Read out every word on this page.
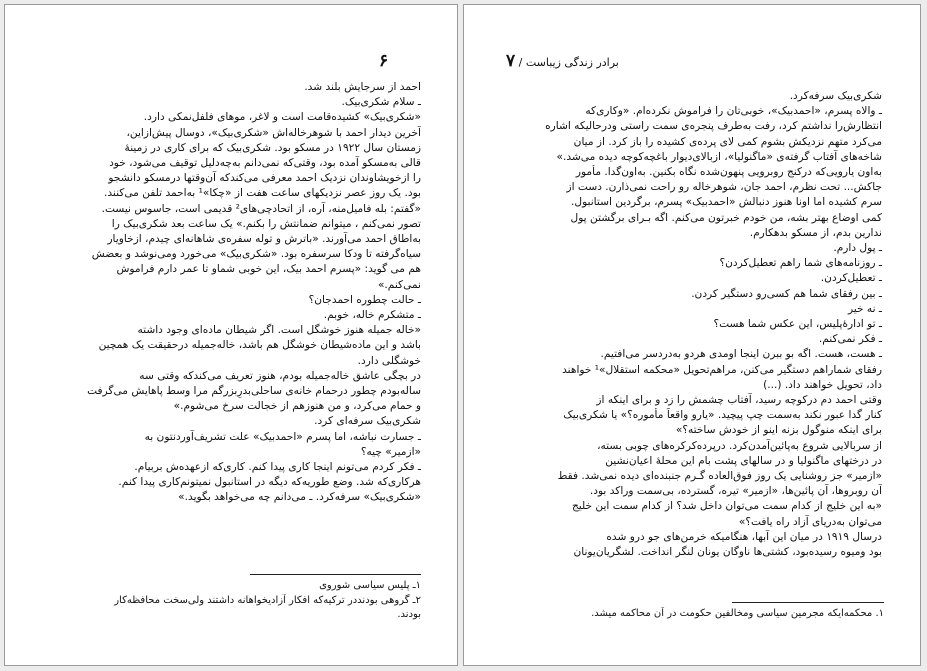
۶
احمد از سرجایش بلند شد.
ـ سلام شکری‌بیک.
«شکری‌بیک» کشیده‌قامت است و لاغر، موهای فلفل‌نمکی دارد.
آخرین دیدار احمد با شوهرخاله‌اش «شکری‌بیک»، دوسال پیش‌ازاین،
زمستان سال ۱۹۲۲ در مسکو بود. شکری‌بیک که برای کاری در زمینهٔ
قالی به‌مسکو آمده بود، وقتی‌که نمی‌دانم به‌چه‌دلیل توقیف می‌شود، خود
را ازخویشاوندان نزدیک احمد معرفی می‌کندکه آن‌وقتها درمسکو دانشجو
بود. یک روز عصر نزدیکهای ساعت هفت از «چکا»¹ به‌احمد تلفن می‌کنند.
«گفتم: بله فامیل‌منه، آره، از اتحادچی‌های² قدیمی است، جاسوس نیست.
تصور نمی‌کنم ، میتوانم ضمانتش را بکنم.» یک ساعت بعد شکری‌بیک را
به‌اطاق احمد می‌آورند. «باترش و توله سفره‌ی شاهانه‌ای چیدم، ازخاویار
سیاه‌گرفته تا ودکا سرسفره بود. «شکری‌بیک» می‌خورد ومی‌نوشد و بعضش
هم می گوید: «پسرم احمد بیک، این خوبی شماو تا عمر دارم فراموش
نمی‌کنم.»
ـ حالت چطوره احمدجان؟
ـ متشکرم خاله، خوبم.
«خاله جمیله هنوز خوشگل است. اگر شیطان ماده‌ای وجود داشته
باشد و این ماده‌شیطان خوشگل هم باشد، خاله‌جمیله درحقیقت یک همچین
خوشگلی دارد.
در بچگی عاشق خاله‌جمیله بودم، هنوز تعریف می‌کندکه وقتی سه
ساله‌بودم چطور درحمام خانه‌ی ساحلی‌بدرِبزرگم مرا وسط پاهایش می‌گرفت
و حمام می‌کرد، و من هنوزهم از خجالت سرخ می‌شوم.»
شکری‌بیک سرفه‌ای کرد.
ـ جسارت نباشه، اما پسرم «احمدبیک» علت تشریف‌آوردنتون به
«ازمیر» چیه؟
ـ فکر کردم می‌تونم اینجا کاری پیدا کنم. کاری‌که ازعهده‌ش بربیام.
هرکاری‌که شد. وضع طوریه‌که دیگه در استانبول نمیتونم‌کاری پیدا کنم.
«شکری‌بیک» سرفه‌کرد. ـ می‌دانم چه می‌خواهد بگوید.»
۱ـ پلیس سیاسی شوروی
۲ـ گروهی بودنددر ترکیه‌که افکار آزادیخواهانه داشتند ولی‌سخت محافظه‌کار
بودند.
برادر زندگی زیباست / ۷
شکری‌بیک سرفه‌کرد.
ـ والاه پسرم، «احمدبیک»، خوبی‌تان را فراموش نکرده‌ام. «وکاری‌که
انتظارش‌را نداشتم کرد، رفت به‌طرف پنجره‌ی سمت راستی ودرحالیکه اشاره
می‌کرد متهم نزدیکش بشوم کمی لای پرده‌ی کشیده را باز کرد. از میان
شاخه‌های آفتاب گرفته‌ی «ماگنولیا»، ازبالای‌دیوار باغچه‌کوچه دیده می‌شد.»
به‌اون یارویی‌که درکنج روبرویی پنهون‌شده نگاه بکنین. به‌اون‌گدا. مأمور
جاکش... تحت نظرم، احمد جان، شوهرخاله رو راحت نمی‌ذارن. دست از
سرم کشیده اما اونا هنوز دنبالش «احمدبیک» پسرم، برگردین استانبول.
کمی اوضاع بهتر بشه، من خودم خبرتون می‌کنم. اگه بـرای برگشتن پول
ندارین بدم، از مسکو بدهکارم.
ـ پول دارم.
ـ روزنامه‌های شما راهم تعطیل‌کردن؟
ـ تعطیل‌کردن.
ـ بین رفقای شما هم کسی‌رو دستگیر کردن.
ـ نه خیر
ـ تو ادارهٔ‌پلیس، این عکس شما هست؟
ـ فکر نمی‌کنم.
ـ هست، هست. اگه بو ببرن اینجا اومدی هردو به‌دردسر می‌افتیم.
رفقای شماراهم دستگیر می‌کنن، مراهم‌تحویل «محکمه استقلال»¹ خواهند
داد، تحویل خواهند داد. (...)
وقتی احمد دم درکوچه رسید، آفتاب چشمش را زد و برای اینکه از
کنار گدا عبور نکند به‌سمت چپ پیچید. «یارو واقعاً مأموره؟» یا شکری‌بیک
برای اینکه منوگول بزنه اینو از خودش ساخته؟»
از سربالایی شروع به‌پائین‌آمدن‌کرد. درپرده‌کرکره‌های چوبی بسته،
در درختهای ماگنولیا و در سالهای پشت بام این محلهٔ اعیان‌نشین
«ازمیر» جز روشنایی یک روز فوق‌العاده گـرم جنبنده‌ای دیده نمی‌شد. فقط
آن روبروها، آن پائین‌ها، «ازمیر» تیره، گسترده، بی‌سمت وراکد بود.
«به این خلیج از کدام سمت می‌توان داخل شد؟ از کدام سمت این خلیج
می‌توان به‌دریای آزاد راه یافت؟»
درسال ۱۹۱۹ در میان این آبها، هنگامیکه خرمن‌های جو درو شده
بود ومیوه رسیده‌بود، کشتی‌ها ناوگان یونان لنگر انداخت. لشگریان‌یونان
۱. محکمه‌ایکه مجرمین سیاسی ومخالفین حکومت در آن محاکمه میشد.
